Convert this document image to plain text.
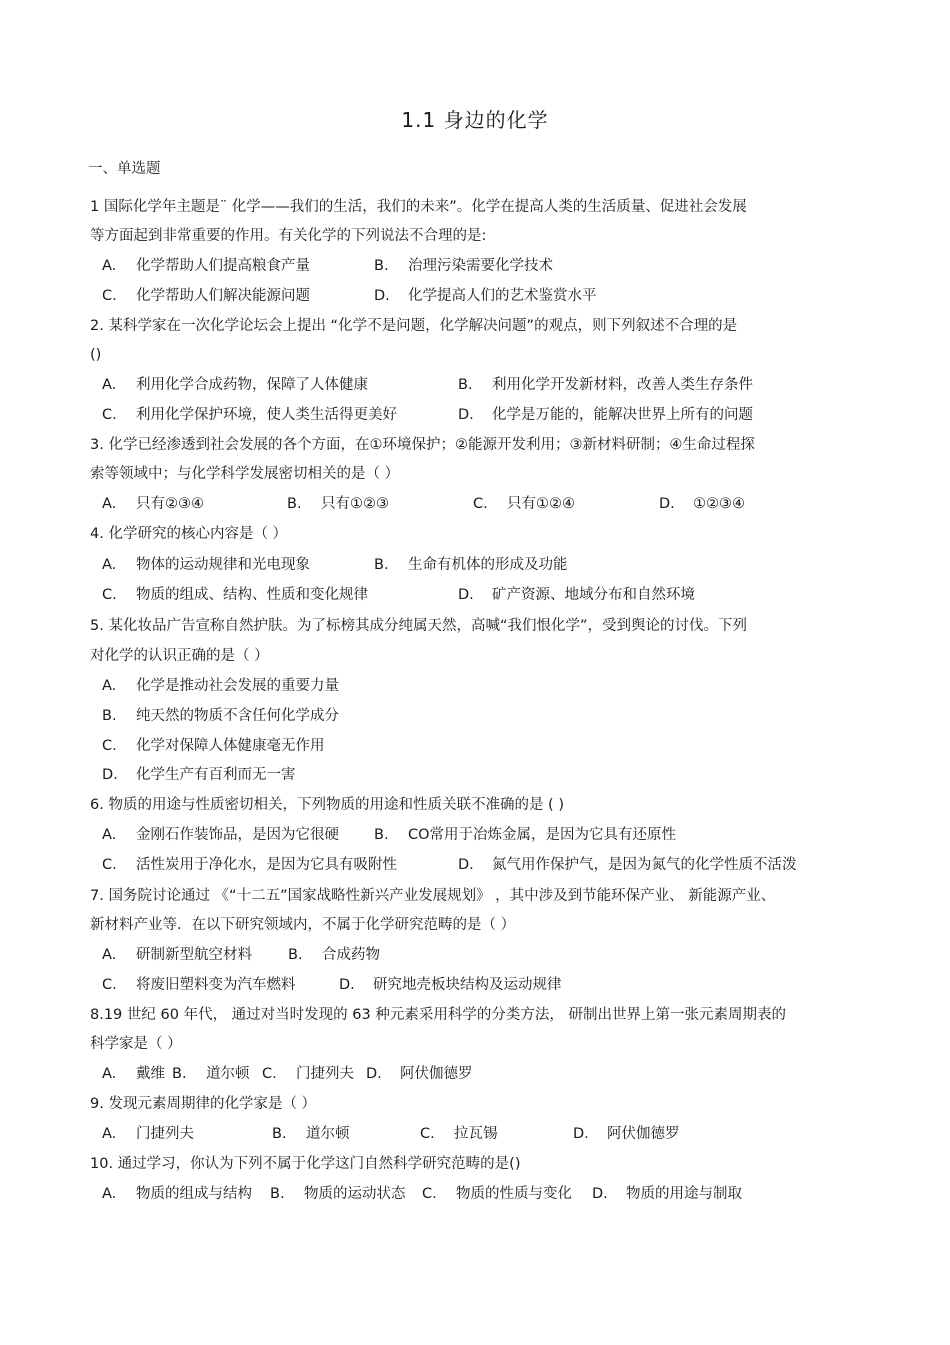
1.1 身边的化学
一、单选题
1 国际化学年主题是¨ 化学——我们的生活，我们的未来”。化学在提高人类的生活质量、促进社会发展
等方面起到非常重要的作用。有关化学的下列说法不合理的是:
A. 化学帮助人们提高粮食产量	B. 治理污染需要化学技术
C. 化学帮助人们解决能源问题	D. 化学提高人们的艺术鉴赏水平
2. 某科学家在一次化学论坛会上提出 “化学不是问题，化学解决问题”的观点，则下列叙述不合理的是
()
A. 利用化学合成药物，保障了人体健康	B. 利用化学开发新材料，改善人类生存条件
C. 利用化学保护环境，使人类生活得更美好	D. 化学是万能的，能解决世界上所有的问题
3. 化学已经渗透到社会发展的各个方面，在①环境保护；②能源开发利用；③新材料研制；④生命过程探
索等领域中；与化学科学发展密切相关的是（ ）
A. 只有②③④	B. 只有①②③	C. 只有①②④	D. ①②③④
4. 化学研究的核心内容是（ ）
A. 物体的运动规律和光电现象	B. 生命有机体的形成及功能
C. 物质的组成、结构、性质和变化规律	D. 矿产资源、地域分布和自然环境
5. 某化妆品广告宣称自然护肤。为了标榜其成分纯属天然，高喊“我们恨化学”，受到舆论的讨伐。下列
对化学的认识正确的是（ ）
A. 化学是推动社会发展的重要力量
B. 纯天然的物质不含任何化学成分
C. 化学对保障人体健康毫无作用
D. 化学生产有百利而无一害
6. 物质的用途与性质密切相关，下列物质的用途和性质关联不准确的是 ( )
A. 金刚石作装饰品，是因为它很硬 B. CO常用于冶炼金属，是因为它具有还原性
C. 活性炭用于净化水，是因为它具有吸附性	D. 氮气用作保护气，是因为氮气的化学性质不活泼
7. 国务院讨论通过 《“十二五”国家战略性新兴产业发展规划》 ，其中涉及到节能环保产业、 新能源产业、
新材料产业等．在以下研究领域内，不属于化学研究范畴的是（ ）
A. 研制新型航空材料 B. 合成药物
C. 将废旧塑料变为汽车燃料	D. 研究地壳板块结构及运动规律
8.19 世纪 60 年代， 通过对当时发现的 63 种元素采用科学的分类方法， 研制出世界上第一张元素周期表的
科学家是（ ）
A. 戴维 B. 道尔顿 C. 门捷列夫 D. 阿伏伽德罗
9. 发现元素周期律的化学家是（ ）
A. 门捷列夫	B. 道尔顿	C. 拉瓦锡	D. 阿伏伽德罗
10. 通过学习，你认为下列不属于化学这门自然科学研究范畴的是()
A. 物质的组成与结构 B. 物质的运动状态 C. 物质的性质与变化 D. 物质的用途与制取
